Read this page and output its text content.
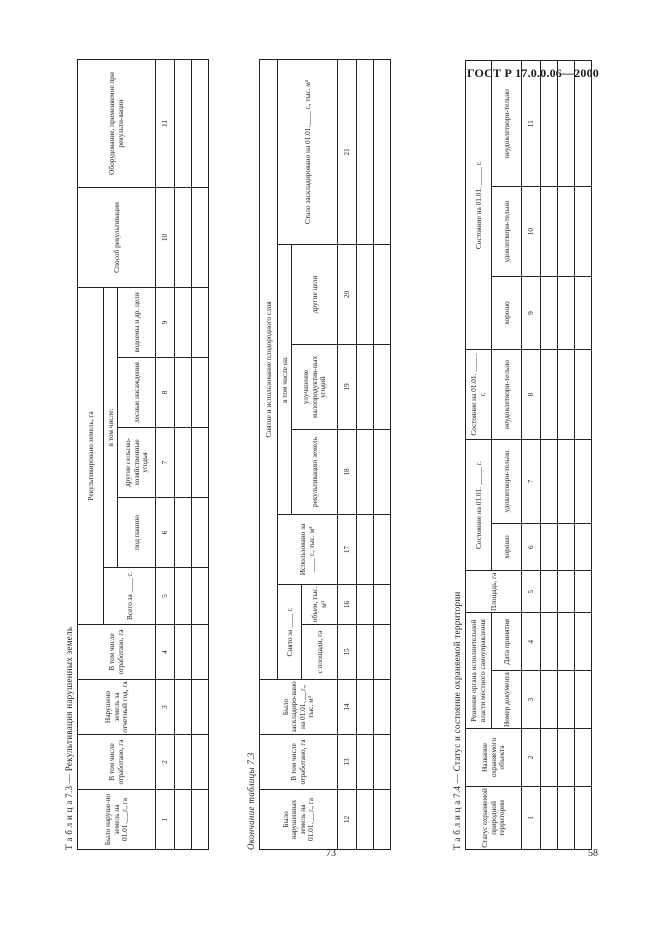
ГОСТ Р 17.0.0.06—2000
Т а б л и ц а 7.3 — Рекультивация нарушенных земель	Было наруше-но земель на 01.01.___г., га	В том числе отработано, га	Нарушено земель за отчетный год, га	В том числе отработано, га	Рекультивировано земель, га					Способ рекультивации	Оборудование, применяемое при рекульти-вации
				Всего за ____ г.	в том числе:					
					под пашню	другие сельско-хозяйственные угодья	лесные насаждения	водоемы и др. цели		
1	2	3	4	5	6	7	8	9	10	11

Окончание таблицы 7.3	Было нарушенных земель на 01.01.___г., га	В том числе отработано, га	Было заскладиро-вано на 01.01.___г., тыс. м³	Снятие и использование плодородного слоя						
			Снято за ____ г.		Использовано за ____ г., тыс. м³	в том числе на:			Стало заскладировано на 01.01.____ г., тыс. м³
						рекультивацию земель	улучшение малопродуктив-ных угодий	другие цели	
			с площади, га	объем, тыс. м³					
12	13	14	15	16	17	18	19	20	21

Т а б л и ц а 7.4 — Статус и состояние охраняемой территории	Статус охраняемой природной территории	Название охраняемого объекта	Решение органа исполнительной власти местного самоуправления		Площадь, га	Состояние на 01.01. _____ г.		Состояние на 01.01. _____ г.	Состояние на 01.01. _____ г.		
		Номер документа	Дата принятия		хорошо	удовлетвори-тельно	неудовлетвори-тельно	хорошо	удовлетвори-тельно	неудовлетвори-тельно
1	2	3	4	5	6	7	8	9	10	11

73	58
